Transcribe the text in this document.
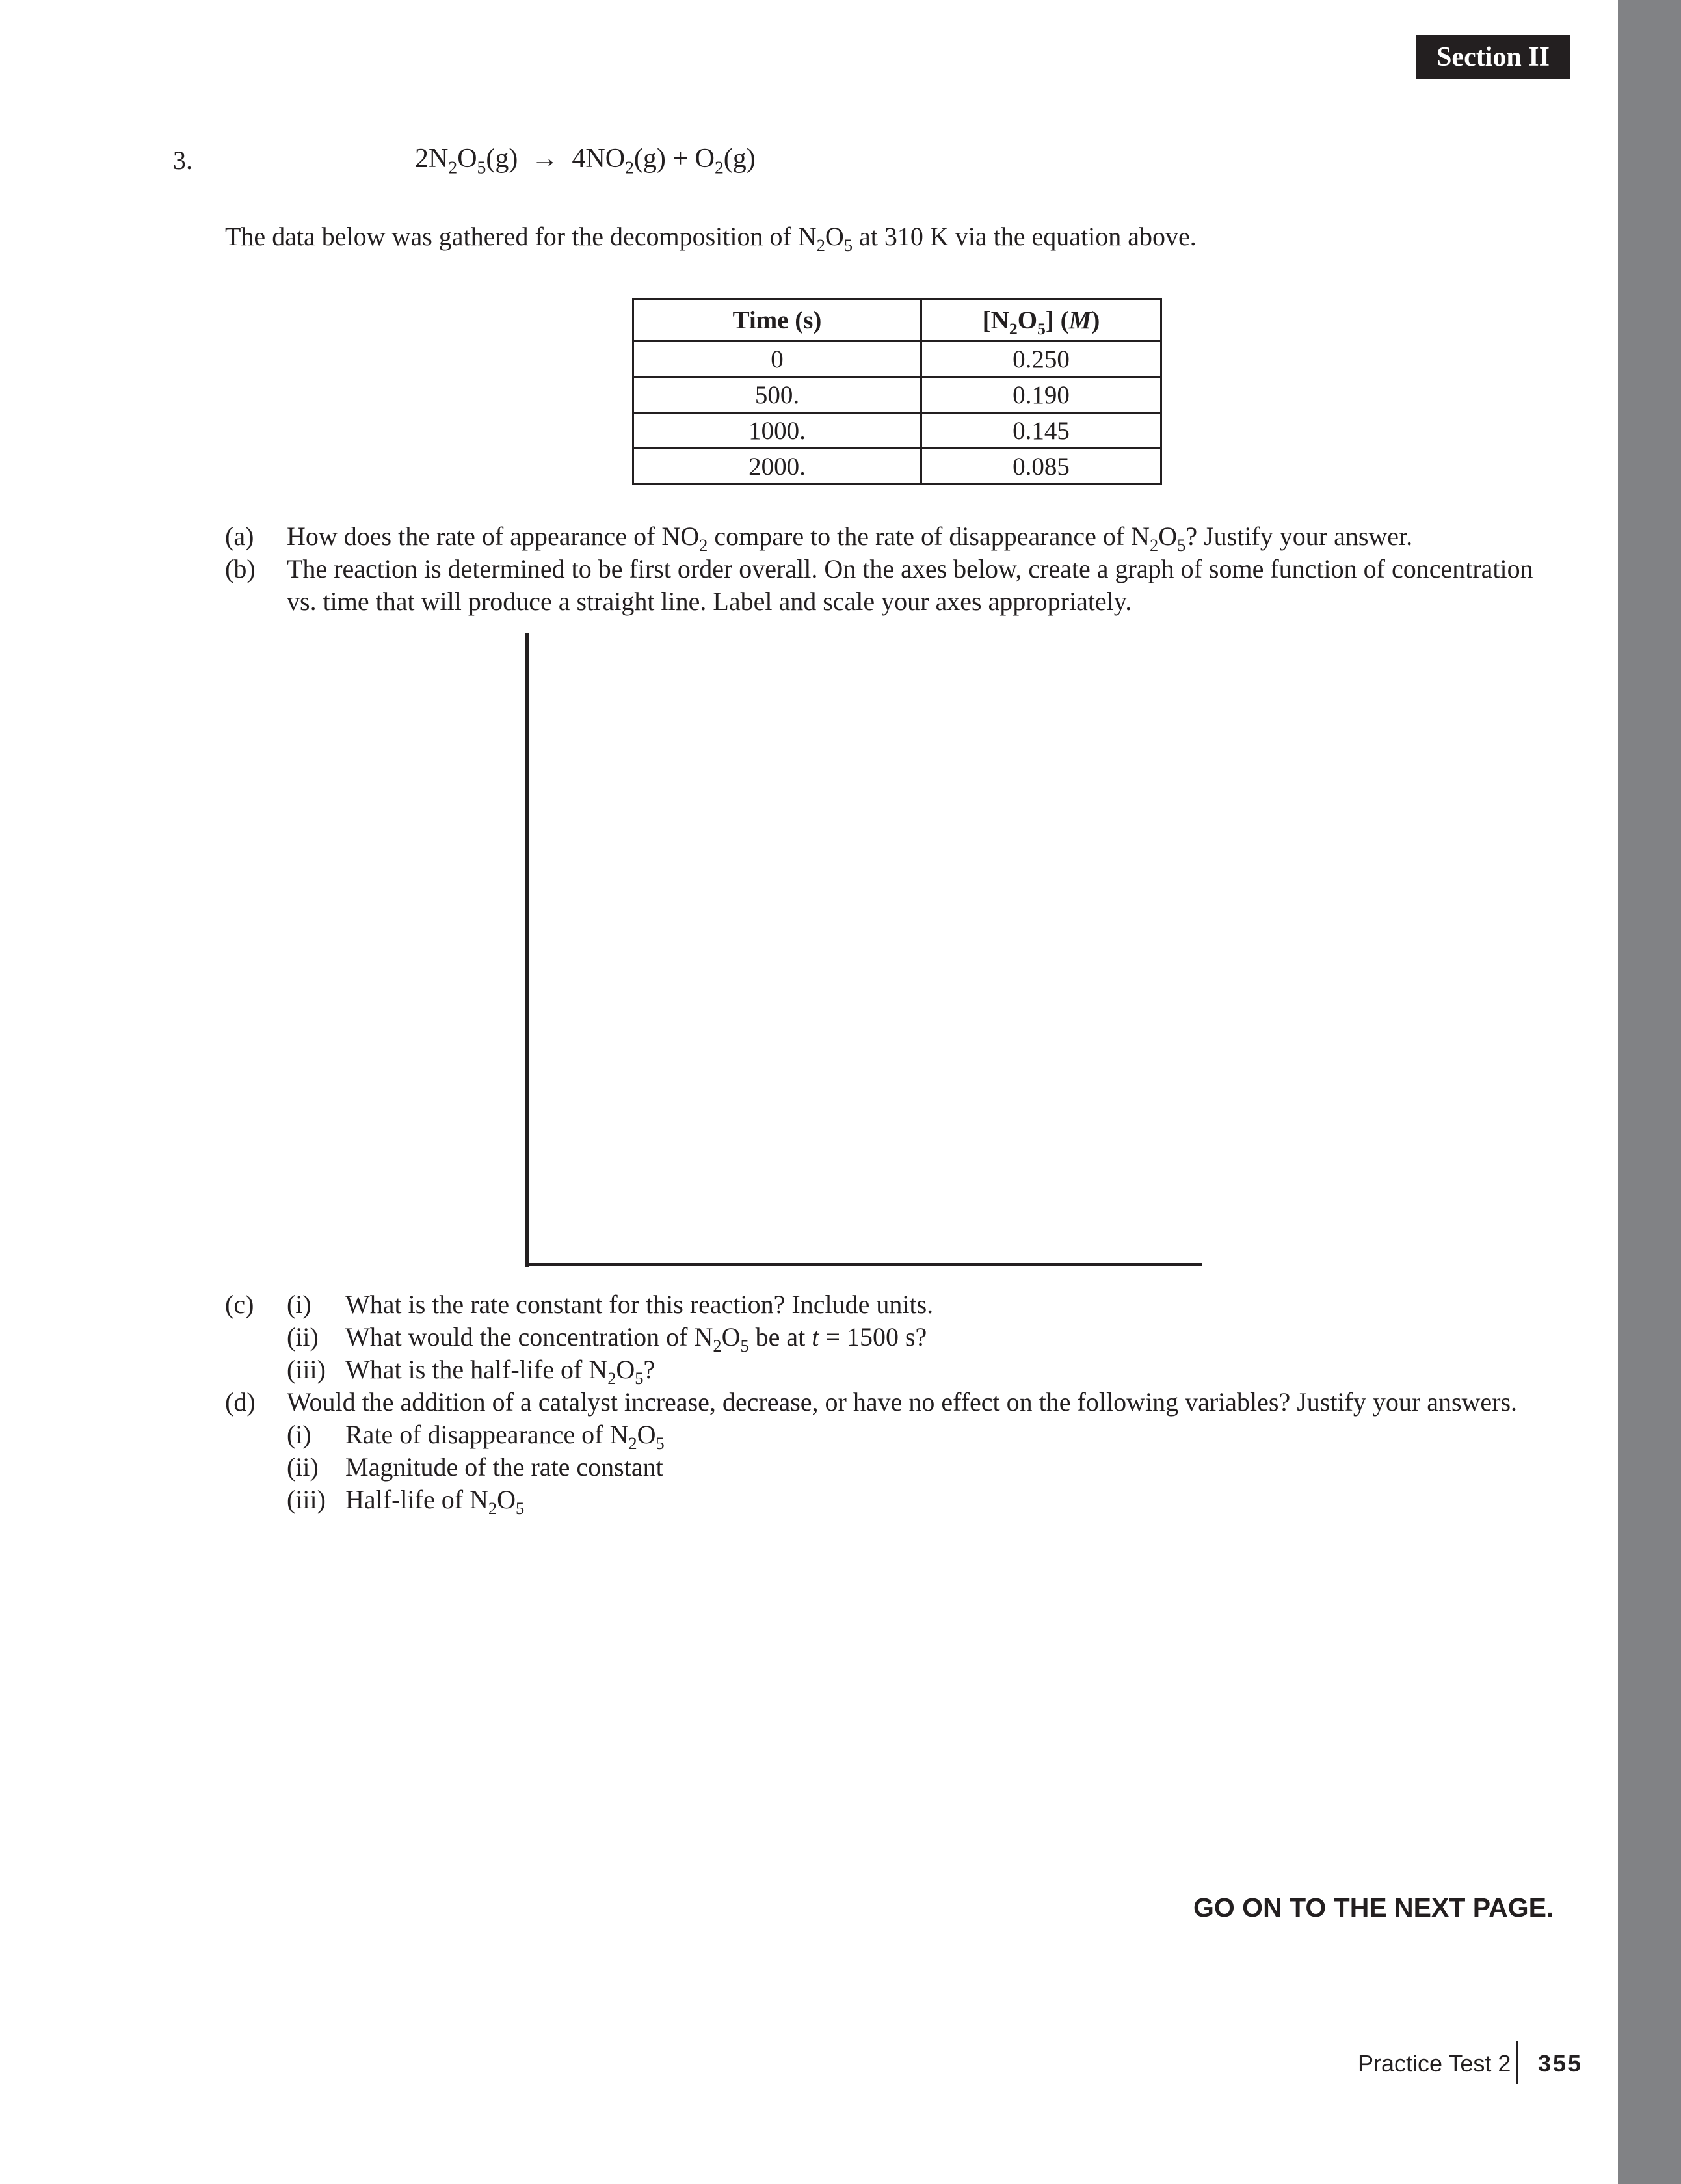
Section II
3.	$2N_2O_5(g) \to 4NO_2(g) + O_2(g)$
The data below was gathered for the decomposition of $N_2O_5$ at 310 K via the equation above.
Time (s)	$[N_2O_5]$ (M)
0	0.250
500.	0.190
1000.	0.145
2000.	0.085
(a) How does the rate of appearance of $NO_2$ compare to the rate of disappearance of $N_2O_5$? Justify your answer.
(b) The reaction is determined to be first order overall. On the axes below, create a graph of some function of concentration
vs. time that will produce a straight line. Label and scale your axes appropriately.
(c) (i) What is the rate constant for this reaction? Include units.
(ii) What would the concentration of $N_2O_5$ be at t = 1500 s?
(iii) What is the half-life of $N_2O_5$?
(d) Would the addition of a catalyst increase, decrease, or have no effect on the following variables? Justify your answers.
(i) Rate of disappearance of $N_2O_5$
(ii) Magnitude of the rate constant
(iii) Half-life of $N_2O_5$
GO ON TO THE NEXT PAGE.
Practice Test 2 355
